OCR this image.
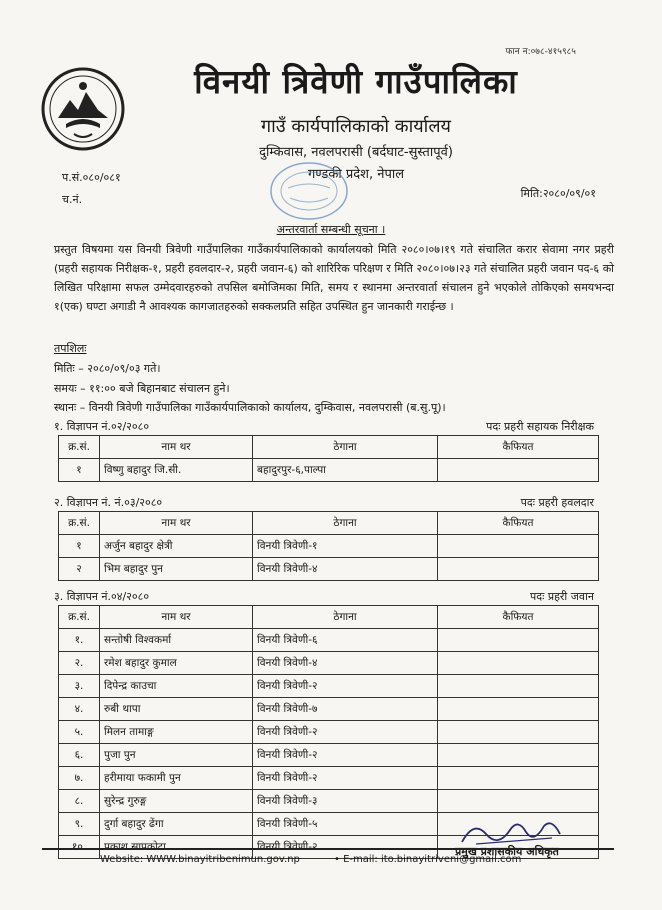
फान न:०७८-४१५९८५
विनयी त्रिवेणी गाउँपालिका
गाउँ कार्यपालिकाको कार्यालय
दुम्किवास, नवलपरासी (बर्दघाट-सुस्तापूर्व)
गण्डकी प्रदेश, नेपाल
प.सं.०८०/०८१
च.नं.	मिति:२०८०/०९/०१
अन्तरवार्ता सम्बन्धी सूचना ।
प्रस्तुत विषयमा यस विनयी त्रिवेणी गाउँपालिका गाउँकार्यपालिकाको कार्यालयको मिति २०८०।०७।१९ गते संचालित करार सेवामा नगर प्रहरी (प्रहरी सहायक निरीक्षक-१, प्रहरी हवलदार-२, प्रहरी जवान-६) को शारिरिक परिक्षण र मिति २०८०।०७।२३ गते संचालित प्रहरी जवान पद-६ को लिखित परिक्षामा सफल उम्मेदवारहरुको तपसिल बमोजिमका मिति, समय र स्थानमा अन्तरवार्ता संचालन हुने भएकोले तोकिएको समयभन्दा १(एक) घण्टा अगाडी नै आवश्यक कागजातहरुको सक्कलप्रति सहित उपस्थित हुन जानकारी गराईन्छ ।
तपशिलः
मितिः – २०८०/०९/०३ गते।
समयः – ११:०० बजे बिहानबाट संचालन हुने।
स्थानः – विनयी त्रिवेणी गाउँपालिका गाउँकार्यपालिकाको कार्यालय, दुम्किवास, नवलपरासी (ब.सु.पू)।
१. विज्ञापन नं.०२/२०८०	पदः प्रहरी सहायक निरीक्षक
क्र.सं.	नाम थर	ठेगाना	कैफियत
१	विष्णु बहादुर जि.सी.	बहादुरपुर-६,पाल्पा	
२. विज्ञापन नं. नं.०३/२०८०	पदः प्रहरी हवलदार
क्र.सं.	नाम थर	ठेगाना	कैफियत
१	अर्जुन बहादुर क्षेत्री	विनयी त्रिवेणी-१	
२	भिम बहादुर पुन	विनयी त्रिवेणी-४	
३. विज्ञापन नं.०४/२०८०	पदः प्रहरी जवान
क्र.सं.	नाम थर	ठेगाना	कैफियत
१.	सन्तोषी विश्वकर्मा	विनयी त्रिवेणी-६	
२.	रमेश बहादुर कुमाल	विनयी त्रिवेणी-४	
३.	दिपेन्द्र काउचा	विनयी त्रिवेणी-२	
४.	रुबी थापा	विनयी त्रिवेणी-७	
५.	मिलन तामाङ्ग	विनयी त्रिवेणी-२	
६.	पुजा पुन	विनयी त्रिवेणी-२	
७.	हरीमाया फकामी पुन	विनयी त्रिवेणी-२	
८.	सुरेन्द्र गुरुङ्ग	विनयी त्रिवेणी-३	
९.	दुर्गा बहादुर ढेंगा	विनयी त्रिवेणी-५	
१०.	प्रकाश सापकोटा	विनयी त्रिवेणी-२		प्रमुख प्रशासकीय अधिकृत
Website: WWW.binayitribenimun.gov.np	• E-mail: ito.binayitriveni@gmail.com
